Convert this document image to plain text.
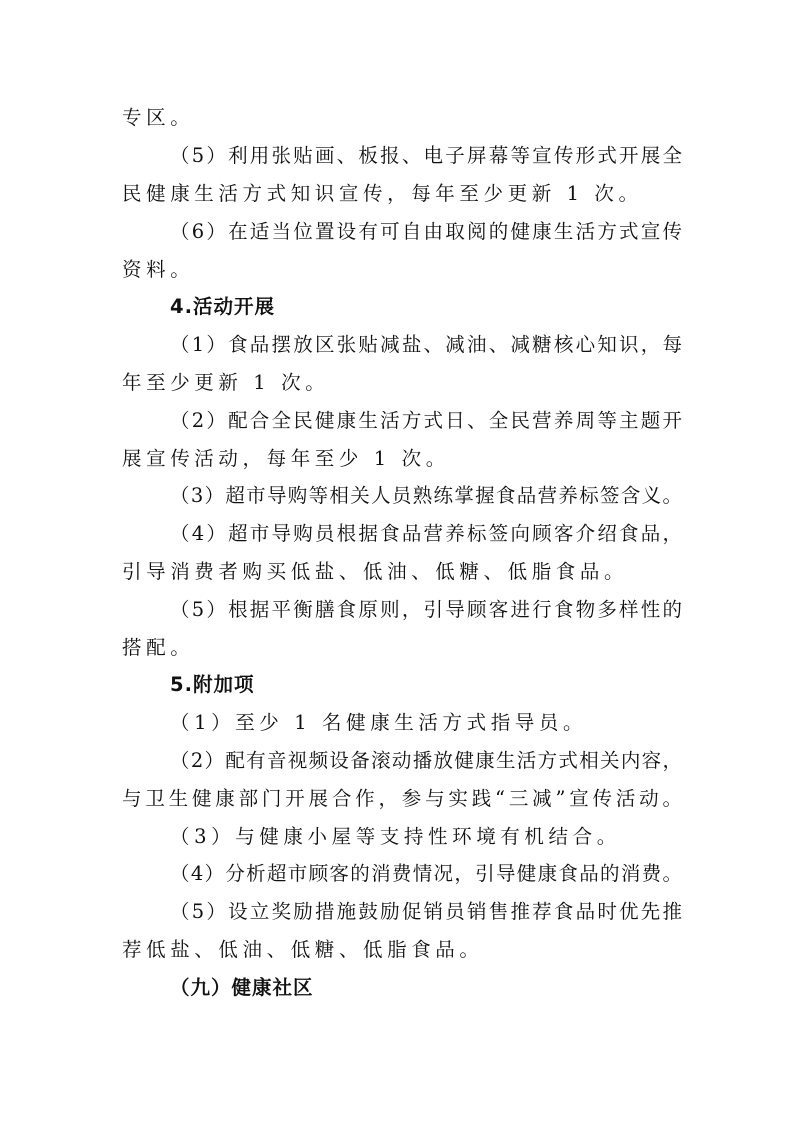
专区。
（5）利用张贴画、板报、电子屏幕等宣传形式开展全
民健康生活方式知识宣传，每年至少更新 1 次。
（6）在适当位置设有可自由取阅的健康生活方式宣传
资料。
4.活动开展
（1）食品摆放区张贴减盐、减油、减糖核心知识，每
年至少更新 1 次。
（2）配合全民健康生活方式日、全民营养周等主题开
展宣传活动，每年至少 1 次。
（3）超市导购等相关人员熟练掌握食品营养标签含义。
（4）超市导购员根据食品营养标签向顾客介绍食品，
引导消费者购买低盐、低油、低糖、低脂食品。
（5）根据平衡膳食原则，引导顾客进行食物多样性的
搭配。
5.附加项
（1）至少 1 名健康生活方式指导员。
（2）配有音视频设备滚动播放健康生活方式相关内容，
与卫生健康部门开展合作，参与实践“三减”宣传活动。
（3）与健康小屋等支持性环境有机结合。
（4）分析超市顾客的消费情况，引导健康食品的消费。
（5）设立奖励措施鼓励促销员销售推荐食品时优先推
荐低盐、低油、低糖、低脂食品。
（九）健康社区
